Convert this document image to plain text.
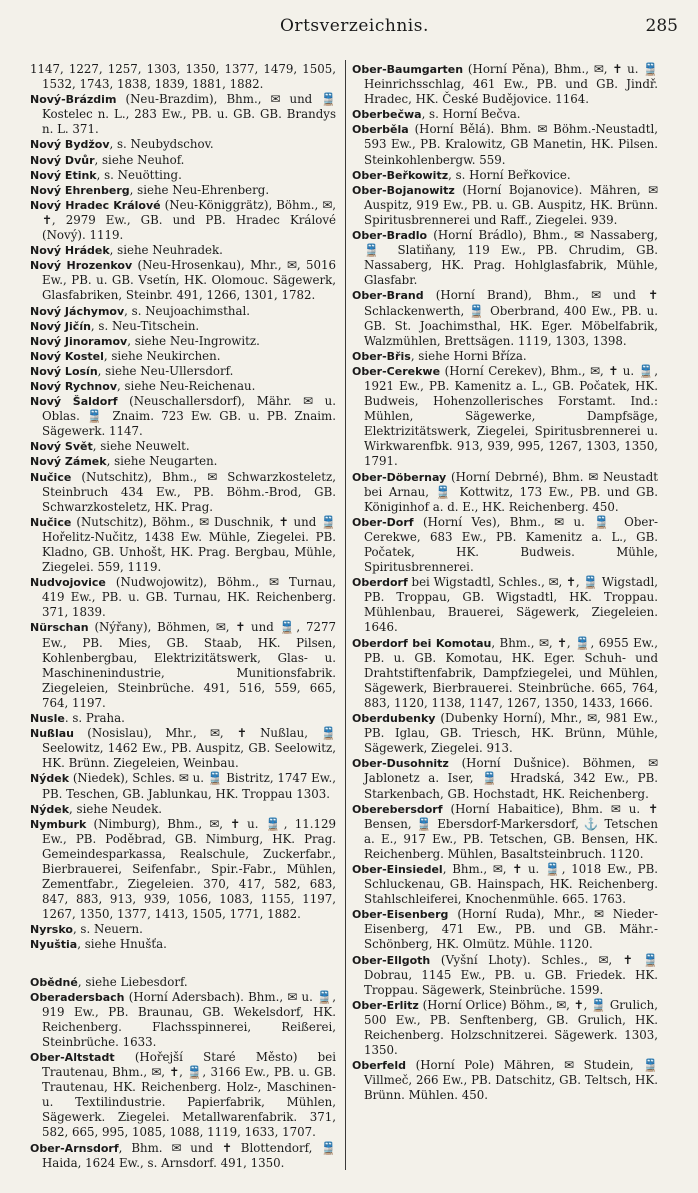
Ortsverzeichnis.	285

1147, 1227, 1257, 1303, 1350, 1377, 1479, 1505, 1532, 1743, 1838, 1839, 1881, 1882.

Nový-Brázdim (Neu-Brazdim), Bhm., ✉ und 🚆 Kostelec n. L., 283 Ew., PB. u. GB. GB. Brandys n. L. 371.

Nový Bydžov, s. Neubydschov.

Nový Dvůr, siehe Neuhof.

Nový Etink, s. Neuötting.

Nový Ehrenberg, siehe Neu-Ehrenberg.

Nový Hradec Králové (Neu-Königgrätz), Böhm., ✉, ✝, 2979 Ew., GB. und PB. Hradec Králové (Nový). 1119.

Nový Hrádek, siehe Neuhradek.

Nový Hrozenkov (Neu-Hrosenkau), Mhr., ✉, 5016 Ew., PB. u. GB. Vsetín, HK. Olomouc. Sägewerk, Glasfabriken, Steinbr. 491, 1266, 1301, 1782.

Nový Jáchymov, s. Neujoachimsthal.

Nový Jičín, s. Neu-Titschein.

Nový Jinoramov, siehe Neu-Ingrowitz.

Nový Kostel, siehe Neukirchen.

Nový Losín, siehe Neu-Ullersdorf.

Nový Rychnov, siehe Neu-Reichenau.

Nový Šaldorf (Neuschallersdorf), Mähr. ✉ u. Oblas. 🚆 Znaim. 723 Ew. GB. u. PB. Znaim. Sägewerk. 1147.

Nový Svět, siehe Neuwelt.

Nový Zámek, siehe Neugarten.

Nučice (Nutschitz), Bhm., ✉ Schwarzkosteletz, Steinbruch 434 Ew., PB. Böhm.-Brod, GB. Schwarzkosteletz, HK. Prag.

Nučice (Nutschitz), Böhm., ✉ Duschnik, ✝ und 🚆 Hořelitz-Nučitz, 1438 Ew. Mühle, Ziegelei. PB. Kladno, GB. Unhošt, HK. Prag. Bergbau, Mühle, Ziegelei. 559, 1119.

Nudvojovice (Nudwojowitz), Böhm., ✉ Turnau, 419 Ew., PB. u. GB. Turnau, HK. Reichenberg. 371, 1839.

Nürschan (Nýřany), Böhmen, ✉, ✝ und 🚆, 7277 Ew., PB. Mies, GB. Staab, HK. Pilsen, Kohlenbergbau, Elektrizitätswerk, Glas- u. Maschinenindustrie, Munitionsfabrik. Ziegeleien, Steinbrüche. 491, 516, 559, 665, 764, 1197.

Nusle. s. Praha.

Nußlau (Nosislau), Mhr., ✉, ✝ Nußlau, 🚆 Seelowitz, 1462 Ew., PB. Auspitz, GB. Seelowitz, HK. Brünn. Ziegeleien, Weinbau.

Nýdek (Niedek), Schles. ✉ u. 🚆 Bistritz, 1747 Ew., PB. Teschen, GB. Jablunkau, HK. Troppau 1303.

Nýdek, siehe Neudek.

Nymburk (Nimburg), Bhm., ✉, ✝ u. 🚆, 11.129 Ew., PB. Poděbrad, GB. Nimburg, HK. Prag. Gemeindesparkassa, Realschule, Zuckerfabr., Bierbrauerei, Seifenfabr., Spir.-Fabr., Mühlen, Zementfabr., Ziegeleien. 370, 417, 582, 683, 847, 883, 913, 939, 1056, 1083, 1155, 1197, 1267, 1350, 1377, 1413, 1505, 1771, 1882.

Nyrsko, s. Neuern.

Nyuštia, siehe Hnušťa.

Obědné, siehe Liebesdorf.

Oberadersbach (Horní Adersbach). Bhm., ✉ u. 🚆, 919 Ew., PB. Braunau, GB. Wekelsdorf, HK. Reichenberg. Flachsspinnerei, Reißerei, Steinbrüche. 1633.

Ober-Altstadt (Hořejší Staré Město) bei Trautenau, Bhm., ✉, ✝, 🚆, 3166 Ew., PB. u. GB. Trautenau, HK. Reichenberg. Holz-, Maschinen- u. Textilindustrie. Papierfabrik, Mühlen, Sägewerk. Ziegelei. Metallwarenfabrik. 371, 582, 665, 995, 1085, 1088, 1119, 1633, 1707.

Ober-Arnsdorf, Bhm. ✉ und ✝ Blottendorf, 🚆 Haida, 1624 Ew., s. Arnsdorf. 491, 1350.

Ober-Baumgarten (Horní Pěna), Bhm., ✉, ✝ u. 🚆 Heinrichsschlag, 461 Ew., PB. und GB. Jindř. Hradec, HK. České Budějovice. 1164.

Oberbečwa, s. Horní Bečva.

Oberběla (Horní Bělá). Bhm. ✉ Böhm.-Neustadtl, 593 Ew., PB. Kralowitz, GB Manetin, HK. Pilsen. Steinkohlenbergw. 559.

Ober-Beřkowitz, s. Horní Beřkovice.

Ober-Bojanowitz (Horní Bojanovice). Mähren, ✉ Auspitz, 919 Ew., PB. u. GB. Auspitz, HK. Brünn. Spiritusbrennerei und Raff., Ziegelei. 939.

Ober-Bradlo (Horní Brádlo), Bhm., ✉ Nassaberg, 🚆 Slatiňany, 119 Ew., PB. Chrudim, GB. Nassaberg, HK. Prag. Hohlglasfabrik, Mühle, Glasfabr.

Ober-Brand (Horní Brand), Bhm., ✉ und ✝ Schlackenwerth, 🚆 Oberbrand, 400 Ew., PB. u. GB. St. Joachimsthal, HK. Eger. Möbelfabrik, Walzmühlen, Brettsägen. 1119, 1303, 1398.

Ober-Břis, siehe Horni Bříza.

Ober-Cerekwe (Horní Cerekev), Bhm., ✉, ✝ u. 🚆, 1921 Ew., PB. Kamenitz a. L., GB. Počatek, HK. Budweis, Hohenzollerisches Forstamt. Ind.: Mühlen, Sägewerke, Dampfsäge, Elektrizitätswerk, Ziegelei, Spiritusbrennerei u. Wirkwarenfbk. 913, 939, 995, 1267, 1303, 1350, 1791.

Ober-Döbernay (Horní Debrné), Bhm. ✉ Neustadt bei Arnau, 🚆 Kottwitz, 173 Ew., PB. und GB. Königinhof a. d. E., HK. Reichenberg. 450.

Ober-Dorf (Horní Ves), Bhm., ✉ u. 🚆 Ober-Cerekwe, 683 Ew., PB. Kamenitz a. L., GB. Počatek, HK. Budweis. Mühle, Spiritusbrennerei.

Oberdorf bei Wigstadtl, Schles., ✉, ✝, 🚆 Wigstadl, PB. Troppau, GB. Wigstadtl, HK. Troppau. Mühlenbau, Brauerei, Sägewerk, Ziegeleien. 1646.

Oberdorf bei Komotau, Bhm., ✉, ✝, 🚆, 6955 Ew., PB. u. GB. Komotau, HK. Eger. Schuh- und Drahtstiftenfabrik, Dampfziegelei, und Mühlen, Sägewerk, Bierbrauerei. Steinbrüche. 665, 764, 883, 1120, 1138, 1147, 1267, 1350, 1433, 1666.

Oberdubenky (Dubenky Horní), Mhr., ✉, 981 Ew., PB. Iglau, GB. Triesch, HK. Brünn, Mühle, Sägewerk, Ziegelei. 913.

Ober-Dusohnitz (Horní Dušnice). Böhmen, ✉ Jablonetz a. Iser, 🚆 Hradská, 342 Ew., PB. Starkenbach, GB. Hochstadt, HK. Reichenberg.

Oberebersdorf (Horní Habaitice), Bhm. ✉ u. ✝ Bensen, 🚆 Ebersdorf-Markersdorf, ⚓ Tetschen a. E., 917 Ew., PB. Tetschen, GB. Bensen, HK. Reichenberg. Mühlen, Basaltsteinbruch. 1120.

Ober-Einsiedel, Bhm., ✉, ✝ u. 🚆, 1018 Ew., PB. Schluckenau, GB. Hainspach, HK. Reichenberg. Stahlschleiferei, Knochenmühle. 665. 1763.

Ober-Eisenberg (Horní Ruda), Mhr., ✉ Nieder-Eisenberg, 471 Ew., PB. und GB. Mähr.-Schönberg, HK. Olmütz. Mühle. 1120.

Ober-Ellgoth (Vyšní Lhoty). Schles., ✉, ✝ 🚆 Dobrau, 1145 Ew., PB. u. GB. Friedek. HK. Troppau. Sägewerk, Steinbrüche. 1599.

Ober-Erlitz (Horní Orlice) Böhm., ✉, ✝, 🚆 Grulich, 500 Ew., PB. Senftenberg, GB. Grulich, HK. Reichenberg. Holzschnitzerei. Sägewerk. 1303, 1350.

Oberfeld (Horní Pole) Mähren, ✉ Studein, 🚆 Villmeč, 266 Ew., PB. Datschitz, GB. Teltsch, HK. Brünn. Mühlen. 450.
